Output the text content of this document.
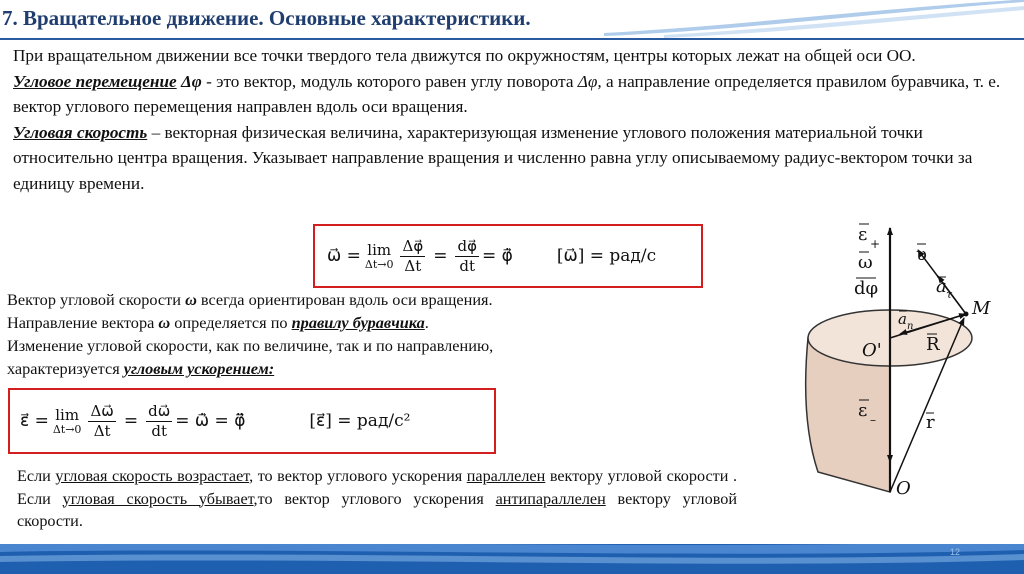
7. Вращательное движение. Основные характеристики.

При вращательном движении все точки твердого тела движутся по окружностям, центры которых лежат на общей оси ОО.

Угловое перемещение Δφ - это вектор, модуль которого равен углу поворота Δφ, а направление определяется правилом буравчика, т. е. вектор углового перемещения направлен вдоль оси вращения.

Угловая скорость – векторная физическая величина, характеризующая изменение углового положения материальной точки относительно центра вращения. Указывает направление вращения и численно равна углу описываемому радиус-вектором точки за единицу времени.

ω⃗ = lim
$\Delta t\to 0 \frac{\Delta\varphi⃗}{\Delta t} = \frac{d\varphi⃗}{dt}$ = φ⃗̇	[ω⃗] = рад/с

Вектор угловой скорости ω всегда ориентирован вдоль оси вращения.

Направление вектора ω определяется по правилу буравчика.

Изменение угловой скорости, как по величине, так и по направлению,

характеризуется угловым ускорением:

ε⃗ = lim
$\Delta t\to 0 \frac{\Delta\omega⃗}{\Delta t} = \frac{d\omega⃗}{dt}$ = ω⃗̇ = φ⃗̈	[ε⃗] = рад/с²

Если угловая скорость возрастает, то вектор углового ускорения параллелен вектору угловой скорости . Если угловая скорость убывает,то вектор углового ускорения антипараллелен вектору угловой скорости.

ε +
ω
dφ
υ
a τ
M
a n
O' R
ε –	r
O
12
